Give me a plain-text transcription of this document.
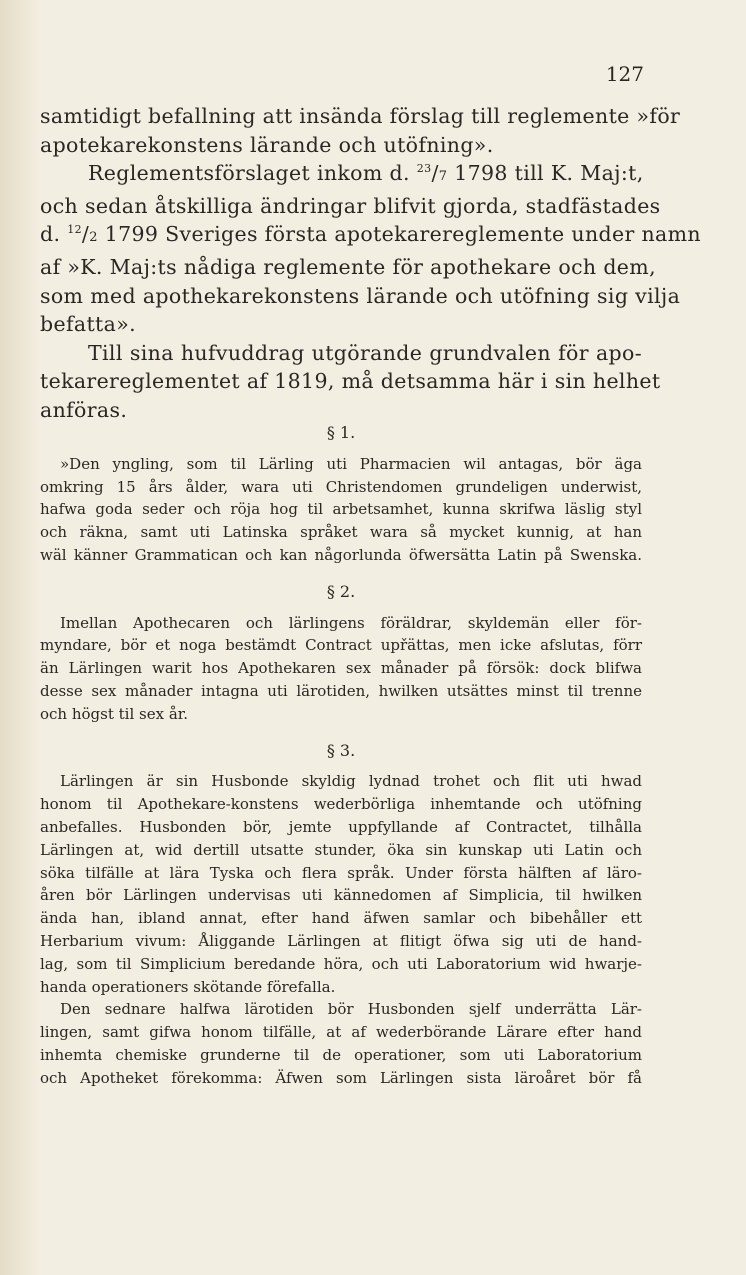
127

samtidigt befallning att insända förslag till reglemente »för
apotekarekonstens lärande och utöfning».

Reglementsförslaget inkom d. $^{23}$/7 1798 till K. Maj:t,
och sedan åtskilliga ändringar blifvit gjorda, stadfästades
d. $^{12}$/2 1799 Sveriges första apotekarereglemente under namn
af »K. Maj:ts nådiga reglemente för apothekare och dem,
som med apothekarekonstens lärande och utöfning sig vilja
befatta».

Till sina hufvuddrag utgörande grundvalen för apo-
tekarereglementet af 1819, må detsamma här i sin helhet
anföras.

§ 1.
»Den yngling, som til Lärling uti Pharmacien wil antagas, bör äga
omkring 15 års ålder, wara uti Christendomen grundeligen underwist,
hafwa goda seder och röja hog til arbetsamhet, kunna skrifwa läslig styl
och räkna, samt uti Latinska språket wara så mycket kunnig, at han
wäl känner Grammatican och kan någorlunda öfwersätta Latin på Swenska.
§ 2.
Imellan Apothecaren och lärlingens föräldrar, skyldemän eller för-
myndare, bör et noga bestämdt Contract upřättas, men icke afslutas, förr
än Lärlingen warit hos Apothekaren sex månader på försök: dock blifwa
desse sex månader intagna uti lärotiden, hwilken utsättes minst til trenne
och högst til sex år.
§ 3.
Lärlingen är sin Husbonde skyldig lydnad trohet och flit uti hwad
honom til Apothekare-konstens wederbörliga inhemtande och utöfning
anbefalles. Husbonden bör, jemte uppfyllande af Contractet, tilhålla
Lärlingen at, wid dertill utsatte stunder, öka sin kunskap uti Latin och
söka tilfälle at lära Tyska och flera språk. Under första hälften af läro-
åren bör Lärlingen undervisas uti kännedomen af Simplicia, til hwilken
ända han, ibland annat, efter hand äfwen samlar och bibehåller ett
Herbarium vivum: Åliggande Lärlingen at flitigt öfwa sig uti de hand-
lag, som til Simplicium beredande höra, och uti Laboratorium wid hwarje-
handa operationers skötande förefalla.
Den sednare halfwa lärotiden bör Husbonden sjelf underrätta Lär-
lingen, samt gifwa honom tilfälle, at af wederbörande Lärare efter hand
inhemta chemiske grunderne til de operationer, som uti Laboratorium
och Apotheket förekomma: Äfwen som Lärlingen sista läroåret bör få
